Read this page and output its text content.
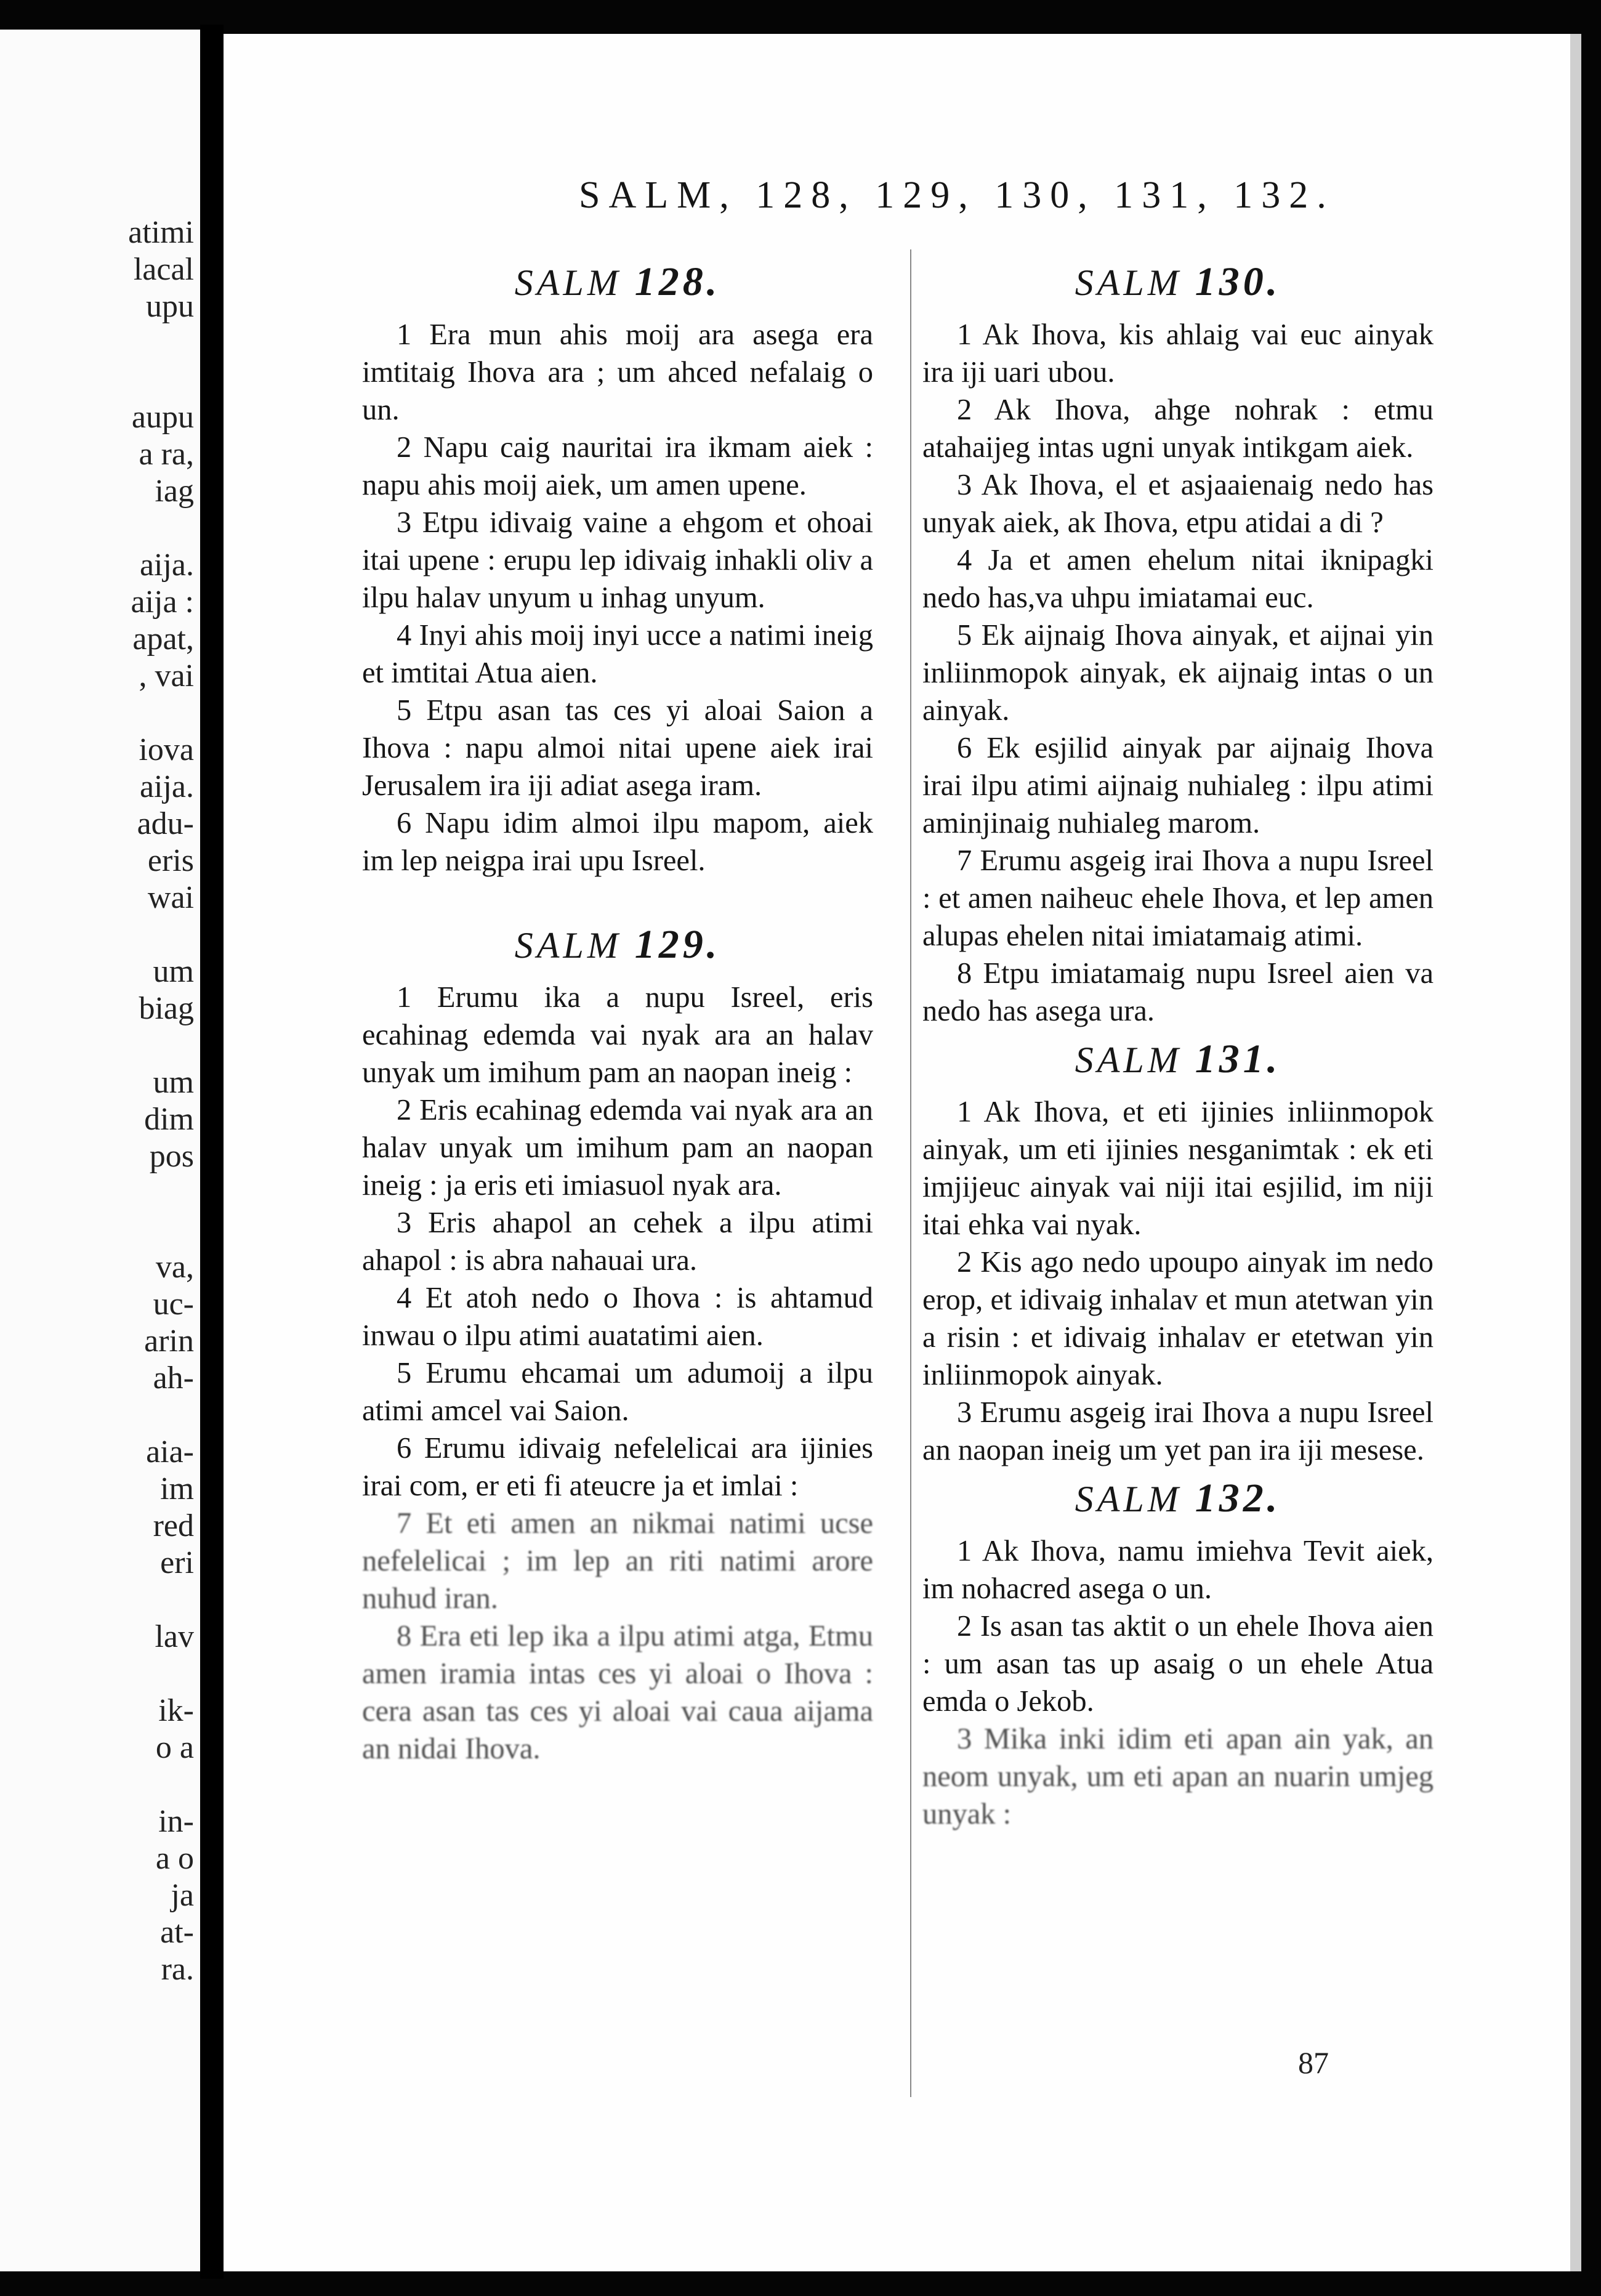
atimi
lacal
upu
aupu
a ra,
iag
aija.
aija :
apat,
, vai
iova
aija.
adu-
eris
wai
um
biag
um
dim
pos
va,
uc-
arin
ah-
aia-
im
red
eri
lav
ik-
o a
in-
a o
ja
at-
ra.
SALM, 128, 129, 130, 131, 132.
SALM 128.

1 Era mun ahis moij ara asega era imtitaig Ihova ara ; um ahced nefalaig o un.

2 Napu caig nauritai ira ikmam aiek : napu ahis moij aiek, um amen upene.

3 Etpu idivaig vaine a ehgom et ohoai itai upene : erupu lep idivaig inhakli oliv a ilpu halav unyum u inhag unyum.

4 Inyi ahis moij inyi ucce a natimi ineig et imtitai Atua aien.

5 Etpu asan tas ces yi aloai Saion a Ihova : napu almoi nitai upene aiek irai Jerusalem ira iji adiat asega iram.

6 Napu idim almoi ilpu mapom, aiek im lep neigpa irai upu Isreel.

SALM 129.

1 Erumu ika a nupu Isreel, eris ecahinag edemda vai nyak ara an halav unyak um imihum pam an naopan ineig :

2 Eris ecahinag edemda vai nyak ara an halav unyak um imihum pam an naopan ineig : ja eris eti imiasuol nyak ara.

3 Eris ahapol an cehek a ilpu atimi ahapol : is abra nahauai ura.

4 Et atoh nedo o Ihova : is ahtamud inwau o ilpu atimi auatatimi aien.

5 Erumu ehcamai um adumoij a ilpu atimi amcel vai Saion.

6 Erumu idivaig nefelelicai ara ijinies irai com, er eti fi ateucre ja et imlai :

7 Et eti amen an nikmai natimi ucse nefelelicai ; im lep an riti natimi arore nuhud iran.

8 Era eti lep ika a ilpu atimi atga, Etmu amen iramia intas ces yi aloai o Ihova : cera asan tas ces yi aloai vai caua aijama an nidai Ihova.

SALM 130.

1 Ak Ihova, kis ahlaig vai euc ainyak ira iji uari ubou.

2 Ak Ihova, ahge nohrak : etmu atahaijeg intas ugni unyak intikgam aiek.

3 Ak Ihova, el et asjaaienaig nedo has unyak aiek, ak Ihova, etpu atidai a di ?

4 Ja et amen ehelum nitai iknipagki nedo has,va uhpu imiatamai euc.

5 Ek aijnaig Ihova ainyak, et aijnai yin inliinmopok ainyak, ek aijnaig intas o un ainyak.

6 Ek esjilid ainyak par aijnaig Ihova irai ilpu atimi aijnaig nuhialeg : ilpu atimi aminjinaig nuhialeg marom.

7 Erumu asgeig irai Ihova a nupu Isreel : et amen naiheuc ehele Ihova, et lep amen alupas ehelen nitai imiatamaig atimi.

8 Etpu imiatamaig nupu Isreel aien va nedo has asega ura.

SALM 131.

1 Ak Ihova, et eti ijinies inliinmopok ainyak, um eti ijinies nesganimtak : ek eti imjijeuc ainyak vai niji itai esjilid, im niji itai ehka vai nyak.

2 Kis ago nedo upoupo ainyak im nedo erop, et idivaig inhalav et mun atetwan yin a risin : et idivaig inhalav er etetwan yin inliinmopok ainyak.

3 Erumu asgeig irai Ihova a nupu Isreel an naopan ineig um yet pan ira iji mesese.

SALM 132.

1 Ak Ihova, namu imiehva Tevit aiek, im nohacred asega o un.

2 Is asan tas aktit o un ehele Ihova aien : um asan tas up asaig o un ehele Atua emda o Jekob.

3 Mika inki idim eti apan ain yak, an neom unyak, um eti apan an nuarin umjeg unyak :

87
